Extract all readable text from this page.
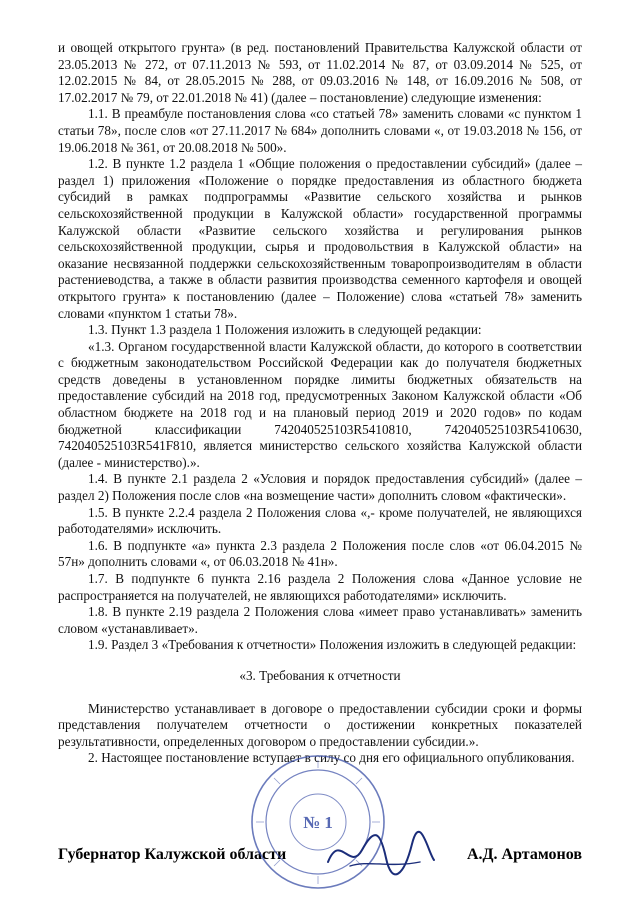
и овощей открытого грунта» (в ред. постановлений Правительства Калужской области от 23.05.2013 № 272, от 07.11.2013 № 593, от 11.02.2014 № 87, от 03.09.2014 № 525, от 12.02.2015 № 84, от 28.05.2015 № 288, от 09.03.2016 № 148, от 16.09.2016 № 508, от 17.02.2017 № 79, от 22.01.2018 № 41) (далее – постановление) следующие изменения:

1.1. В преамбуле постановления слова «со статьей 78» заменить словами «с пунктом 1 статьи 78», после слов «от 27.11.2017 № 684» дополнить словами «, от 19.03.2018 № 156, от 19.06.2018 № 361, от 20.08.2018 № 500».

1.2. В пункте 1.2 раздела 1 «Общие положения о предоставлении субсидий» (далее – раздел 1) приложения «Положение о порядке предоставления из областного бюджета субсидий в рамках подпрограммы «Развитие сельского хозяйства и рынков сельскохозяйственной продукции в Калужской области» государственной программы Калужской области «Развитие сельского хозяйства и регулирования рынков сельскохозяйственной продукции, сырья и продовольствия в Калужской области» на оказание несвязанной поддержки сельскохозяйственным товаропроизводителям в области растениеводства, а также в области развития производства семенного картофеля и овощей открытого грунта» к постановлению (далее – Положение) слова «статьей 78» заменить словами «пунктом 1 статьи 78».

1.3. Пункт 1.3 раздела 1 Положения изложить в следующей редакции:

«1.3. Органом государственной власти Калужской области, до которого в соответствии с бюджетным законодательством Российской Федерации как до получателя бюджетных средств доведены в установленном порядке лимиты бюджетных обязательств на предоставление субсидий на 2018 год, предусмотренных Законом Калужской области «Об областном бюджете на 2018 год и на плановый период 2019 и 2020 годов» по кодам бюджетной классификации 742040525103R5410810, 742040525103R5410630, 742040525103R541F810, является министерство сельского хозяйства Калужской области (далее - министерство).».

1.4. В пункте 2.1 раздела 2 «Условия и порядок предоставления субсидий» (далее – раздел 2) Положения после слов «на возмещение части» дополнить словом «фактически».

1.5. В пункте 2.2.4 раздела 2 Положения слова «,- кроме получателей, не являющихся работодателями» исключить.

1.6. В подпункте «а» пункта 2.3 раздела 2 Положения после слов «от 06.04.2015 № 57н» дополнить словами «, от 06.03.2018 № 41н».

1.7. В подпункте 6 пункта 2.16 раздела 2 Положения слова «Данное условие не распространяется на получателей, не являющихся работодателями» исключить.

1.8. В пункте 2.19 раздела 2 Положения слова «имеет право устанавливать» заменить словом «устанавливает».

1.9. Раздел 3 «Требования к отчетности» Положения изложить в следующей редакции:

«3. Требования к отчетности

Министерство устанавливает в договоре о предоставлении субсидии сроки и формы представления получателем отчетности о достижении конкретных показателей результативности, определенных договором о предоставлении субсидии.».

2. Настоящее постановление вступает в силу со дня его официального опубликования.

Губернатор Калужской области	А.Д. Артамонов
№ 1
